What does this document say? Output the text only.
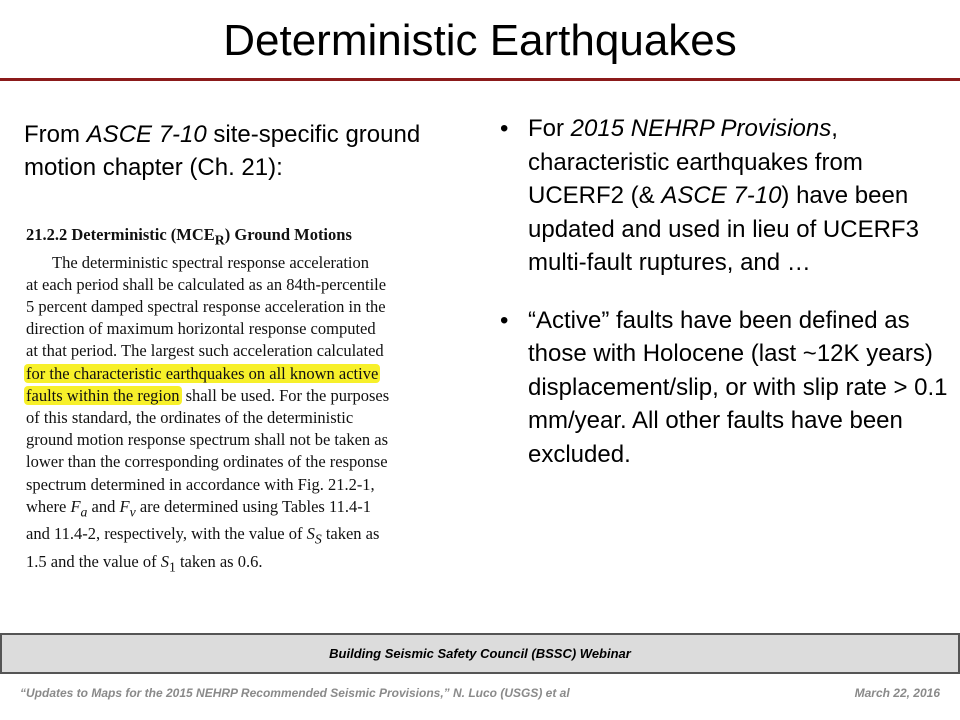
Deterministic Earthquakes
From ASCE 7-10 site-specific ground motion chapter (Ch. 21):
21.2.2 Deterministic $(MCE_R)$ Ground Motions
The deterministic spectral response acceleration
at each period shall be calculated as an 84th-percentile
5 percent damped spectral response acceleration in the
direction of maximum horizontal response computed
at that period. The largest such acceleration calculated
for the characteristic earthquakes on all known active
faults within the region shall be used. For the purposes
of this standard, the ordinates of the deterministic
ground motion response spectrum shall not be taken as
lower than the corresponding ordinates of the response
spectrum determined in accordance with Fig. 21.2-1,
where $F_a$ and $F_v$ are determined using Tables 11.4-1
and 11.4-2, respectively, with the value of $S_S$ taken as
1.5 and the value of $S_1$ taken as 0.6.
• For 2015 NEHRP Provisions, characteristic earthquakes from UCERF2 (& ASCE 7-10) have been updated and used in lieu of UCERF3 multi-fault ruptures, and …
• “Active” faults have been defined as those with Holocene (last ~12K years) displacement/slip, or with slip rate > 0.1 mm/year. All other faults have been excluded.
Building Seismic Safety Council (BSSC) Webinar
“Updates to Maps for the 2015 NEHRP Recommended Seismic Provisions,” N. Luco (USGS) et al	March 22, 2016
